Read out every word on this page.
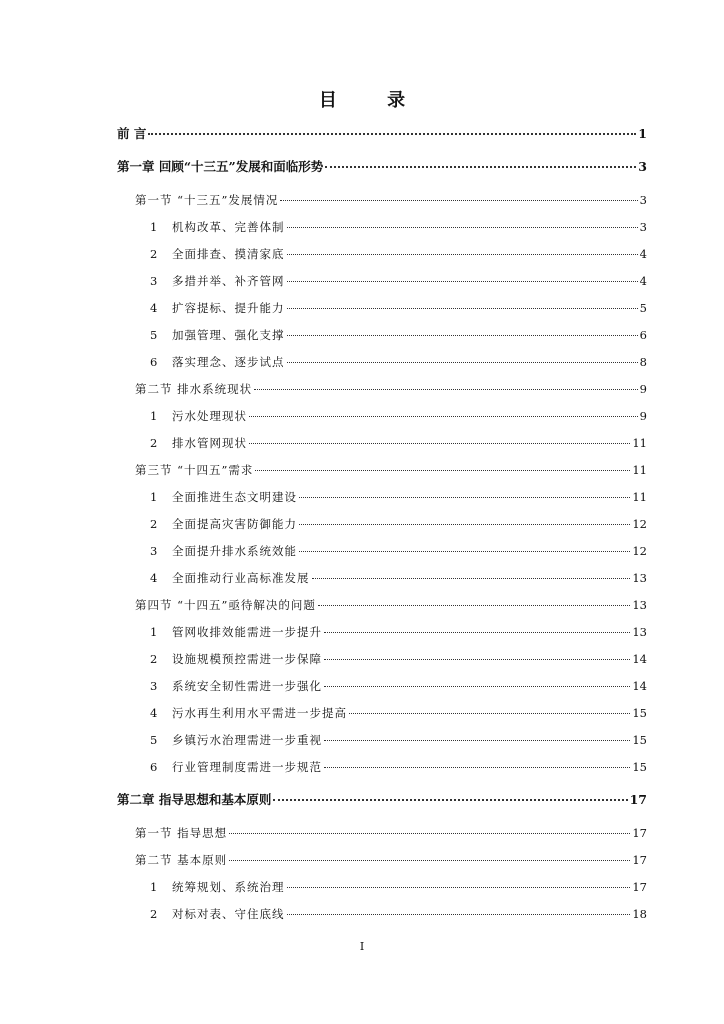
目 录
前 言	1
第一章 回顾“十三五”发展和面临形势	3
第一节 “十三五”发展情况	3
1	机构改革、完善体制	3
2	全面排查、摸清家底	4
3	多措并举、补齐管网	4
4	扩容提标、提升能力	5
5	加强管理、强化支撑	6
6	落实理念、逐步试点	8
第二节 排水系统现状	9
1	污水处理现状	9
2	排水管网现状	11
第三节 “十四五”需求	11
1	全面推进生态文明建设	11
2	全面提高灾害防御能力	12
3	全面提升排水系统效能	12
4	全面推动行业高标准发展	13
第四节 “十四五”亟待解决的问题	13
1	管网收排效能需进一步提升	13
2	设施规模预控需进一步保障	14
3	系统安全韧性需进一步强化	14
4	污水再生利用水平需进一步提高	15
5	乡镇污水治理需进一步重视	15
6	行业管理制度需进一步规范	15
第二章 指导思想和基本原则	17
第一节 指导思想	17
第二节 基本原则	17
1	统筹规划、系统治理	17
2	对标对表、守住底线	18
I
